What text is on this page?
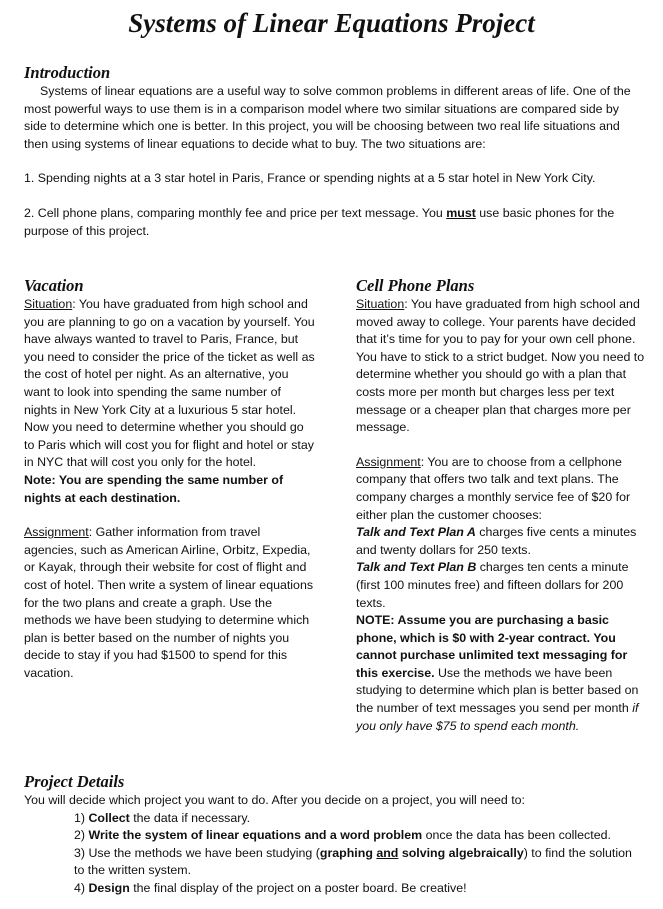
Systems of Linear Equations Project

Introduction

Systems of linear equations are a useful way to solve common problems in different areas of life. One of the most powerful ways to use them is in a comparison model where two similar situations are compared side by side to determine which one is better. In this project, you will be choosing between two real life situations and then using systems of linear equations to decide what to buy. The two situations are:

1. Spending nights at a 3 star hotel in Paris, France or spending nights at a 5 star hotel in New York City.

2. Cell phone plans, comparing monthly fee and price per text message. You must use basic phones for the purpose of this project.

Vacation

Situation: You have graduated from high school and you are planning to go on a vacation by yourself. You have always wanted to travel to Paris, France, but you need to consider the price of the ticket as well as the cost of hotel per night. As an alternative, you want to look into spending the same number of nights in New York City at a luxurious 5 star hotel. Now you need to determine whether you should go to Paris which will cost you for flight and hotel or stay in NYC that will cost you only for the hotel.
Note: You are spending the same number of nights at each destination.

Assignment: Gather information from travel agencies, such as American Airline, Orbitz, Expedia, or Kayak, through their website for cost of flight and cost of hotel. Then write a system of linear equations for the two plans and create a graph. Use the methods we have been studying to determine which plan is better based on the number of nights you decide to stay if you had $1500 to spend for this vacation.

Cell Phone Plans

Situation: You have graduated from high school and moved away to college. Your parents have decided that it’s time for you to pay for your own cell phone. You have to stick to a strict budget. Now you need to determine whether you should go with a plan that costs more per month but charges less per text message or a cheaper plan that charges more per message.

Assignment: You are to choose from a cellphone company that offers two talk and text plans. The company charges a monthly service fee of $20 for either plan the customer chooses:
Talk and Text Plan A charges five cents a minutes and twenty dollars for 250 texts.
Talk and Text Plan B charges ten cents a minute (first 100 minutes free) and fifteen dollars for 200 texts.
NOTE: Assume you are purchasing a basic phone, which is $0 with 2-year contract. You cannot purchase unlimited text messaging for this exercise. Use the methods we have been studying to determine which plan is better based on the number of text messages you send per month if you only have $75 to spend each month.

Project Details

You will decide which project you want to do. After you decide on a project, you will need to:

1) Collect the data if necessary.
2) Write the system of linear equations and a word problem once the data has been collected.
3) Use the methods we have been studying (graphing and solving algebraically) to find the solution to the written system.
4) Design the final display of the project on a poster board. Be creative!
